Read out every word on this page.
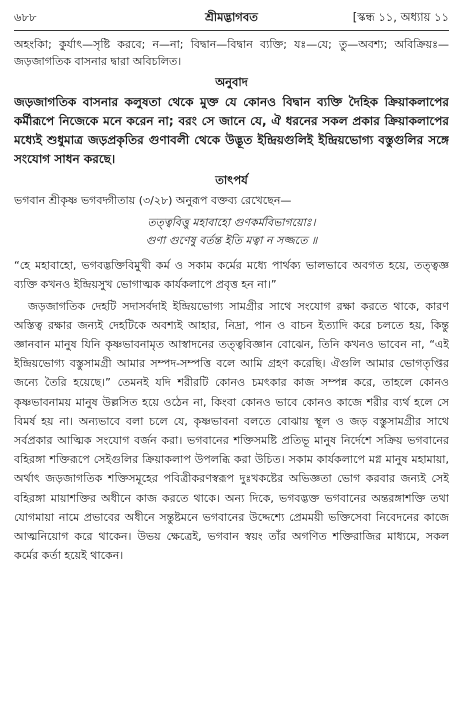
৬৮৮	শ্রীমদ্ভাগবত	[স্কন্ধ ১১, অধ্যায় ১১

অহংকিা; কুর্যাৎ—সৃষ্টি করবে; ন—না; বিদ্বান—বিদ্বান ব্যক্তি; যঃ—যে; তু—অবশ্য; অবিক্রিয়ঃ—জড়জাগতিক বাসনার দ্বারা অবিচলিত।

অনুবাদ

জড়জাগতিক বাসনার কলুষতা থেকে মুক্ত যে কোনও বিদ্বান ব্যক্তি দৈহিক ক্রিয়াকলাপের কর্মীরূপে নিজেকে মনে করেন না; বরং সে জানে যে, ঐ ধরনের সকল প্রকার ক্রিয়াকলাপের মধ্যেই শুধুমাত্র জড়প্রকৃতির গুণাবলী থেকে উদ্ভূত ইন্দ্রিয়গুলিই ইন্দ্রিয়ভোগ্য বস্তুগুলির সঙ্গে সংযোগ সাধন করছে।

তাৎপর্য

ভগবান শ্রীকৃষ্ণ ভগবদ্গীতায় (৩/২৮) অনুরূপ বক্তব্য রেখেছেন—

তত্ত্ববিত্তু মহাবাহো গুণকর্মবিভাগয়োঃ।
গুণা গুণেষু বর্তন্ত ইতি মত্বা ন সজ্জতে ॥

“হে মহাবাহো, ভগবদ্ভক্তিবিমুখী কর্ম ও সকাম কর্মের মধ্যে পার্থক্য ভালভাবে অবগত হয়ে, তত্ত্বজ্ঞ ব্যক্তি কখনও ইন্দ্রিয়সুখ ভোগাত্মক কার্যকলাপে প্রবৃত্ত হন না।”

জড়জাগতিক দেহটি সদাসর্বদাই ইন্দ্রিয়ভোগ্য সামগ্রীর সাথে সংযোগ রক্ষা করতে থাকে, কারণ অস্তিত্ব রক্ষার জন্যই দেহটিকে অবশ্যই আহার, নিদ্রা, পান ও বাচন ইত্যাদি করে চলতে হয়, কিন্তু জ্ঞানবান মানুষ যিনি কৃষ্ণভাবনামৃত আস্বাদনের তত্ত্ববিজ্ঞান বোঝেন, তিনি কখনও ভাবেন না, “এই ইন্দ্রিয়ভোগ্য বস্তুসামগ্রী আমার সম্পদ-সম্পত্তি বলে আমি গ্রহণ করেছি। ঐগুলি আমার ভোগতৃপ্তির জন্যে তৈরি হয়েছে।” তেমনই যদি শরীরটি কোনও চমৎকার কাজ সম্পন্ন করে, তাহলে কোনও কৃষ্ণভাবনাময় মানুষ উল্লসিত হয়ে ওঠেন না, কিংবা কোনও ভাবে কোনও কাজে শরীর ব্যর্থ হলে সে বিমর্ষ হয় না। অন্যভাবে বলা চলে যে, কৃষ্ণভাবনা বলতে বোঝায় স্থূল ও জড় বস্তুসামগ্রীর সাথে সর্বপ্রকার আত্মিক সংযোগ বর্জন করা। ভগবানের শক্তিসমষ্টি প্রতিভূ মানুষ নির্দেশে সক্রিয় ভগবানের বহিরঙ্গা শক্তিরূপে সেইগুলির ক্রিয়াকলাপ উপলব্ধি করা উচিত। সকাম কার্যকলাপে মগ্ন মানুষ মহামায়া, অর্থাৎ জড়জাগতিক শক্তিসমূহের পবিত্রীকরণস্বরূপ দুঃখকষ্টের অভিজ্ঞতা ভোগ করবার জন্যই সেই বহিরঙ্গা মায়াশক্তির অধীনে কাজ করতে থাকে। অন্য দিকে, ভগবদ্ভক্ত ভগবানের অন্তরঙ্গাশক্তি তথা যোগমায়া নামে প্রভাবের অধীনে সন্তুষ্টমনে ভগবানের উদ্দেশ্যে প্রেমময়ী ভক্তিসেবা নিবেদনের কাজে আত্মনিয়োগ করে থাকেন। উভয় ক্ষেত্রেই, ভগবান স্বয়ং তাঁর অগণিত শক্তিরাজির মাধ্যমে, সকল কর্মের কর্তা হয়েই থাকেন।
